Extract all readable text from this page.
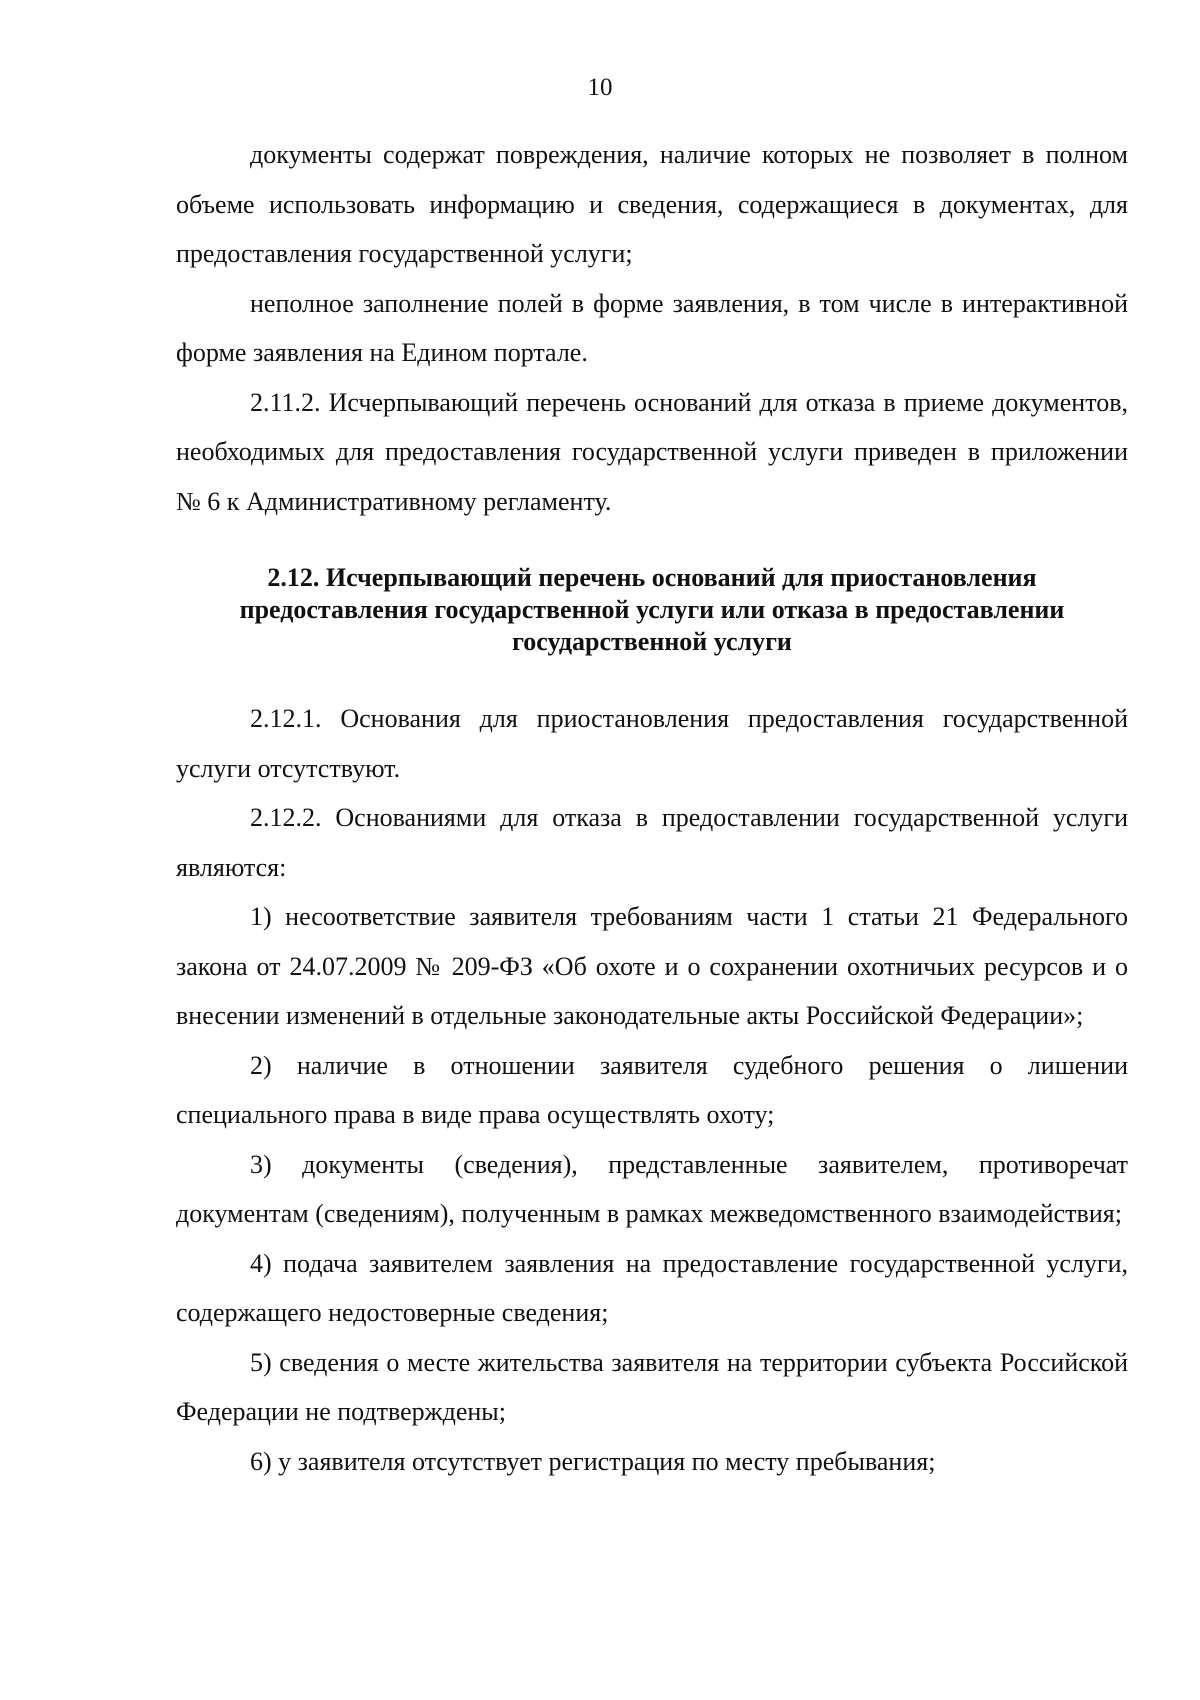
10

документы содержат повреждения, наличие которых не позволяет в полном объеме использовать информацию и сведения, содержащиеся в документах, для предоставления государственной услуги;

неполное заполнение полей в форме заявления, в том числе в интерактивной форме заявления на Едином портале.

2.11.2. Исчерпывающий перечень оснований для отказа в приеме документов, необходимых для предоставления государственной услуги приведен в приложении № 6 к Административному регламенту.

2.12. Исчерпывающий перечень оснований для приостановления предоставления государственной услуги или отказа в предоставлении государственной услуги

2.12.1. Основания для приостановления предоставления государственной услуги отсутствуют.

2.12.2. Основаниями для отказа в предоставлении государственной услуги являются:

1) несоответствие заявителя требованиям части 1 статьи 21 Федерального закона от 24.07.2009 № 209-ФЗ «Об охоте и о сохранении охотничьих ресурсов и о внесении изменений в отдельные законодательные акты Российской Федерации»;

2) наличие в отношении заявителя судебного решения о лишении специального права в виде права осуществлять охоту;

3) документы (сведения), представленные заявителем, противоречат документам (сведениям), полученным в рамках межведомственного взаимодействия;

4) подача заявителем заявления на предоставление государственной услуги, содержащего недостоверные сведения;

5) сведения о месте жительства заявителя на территории субъекта Российской Федерации не подтверждены;

6) у заявителя отсутствует регистрация по месту пребывания;
